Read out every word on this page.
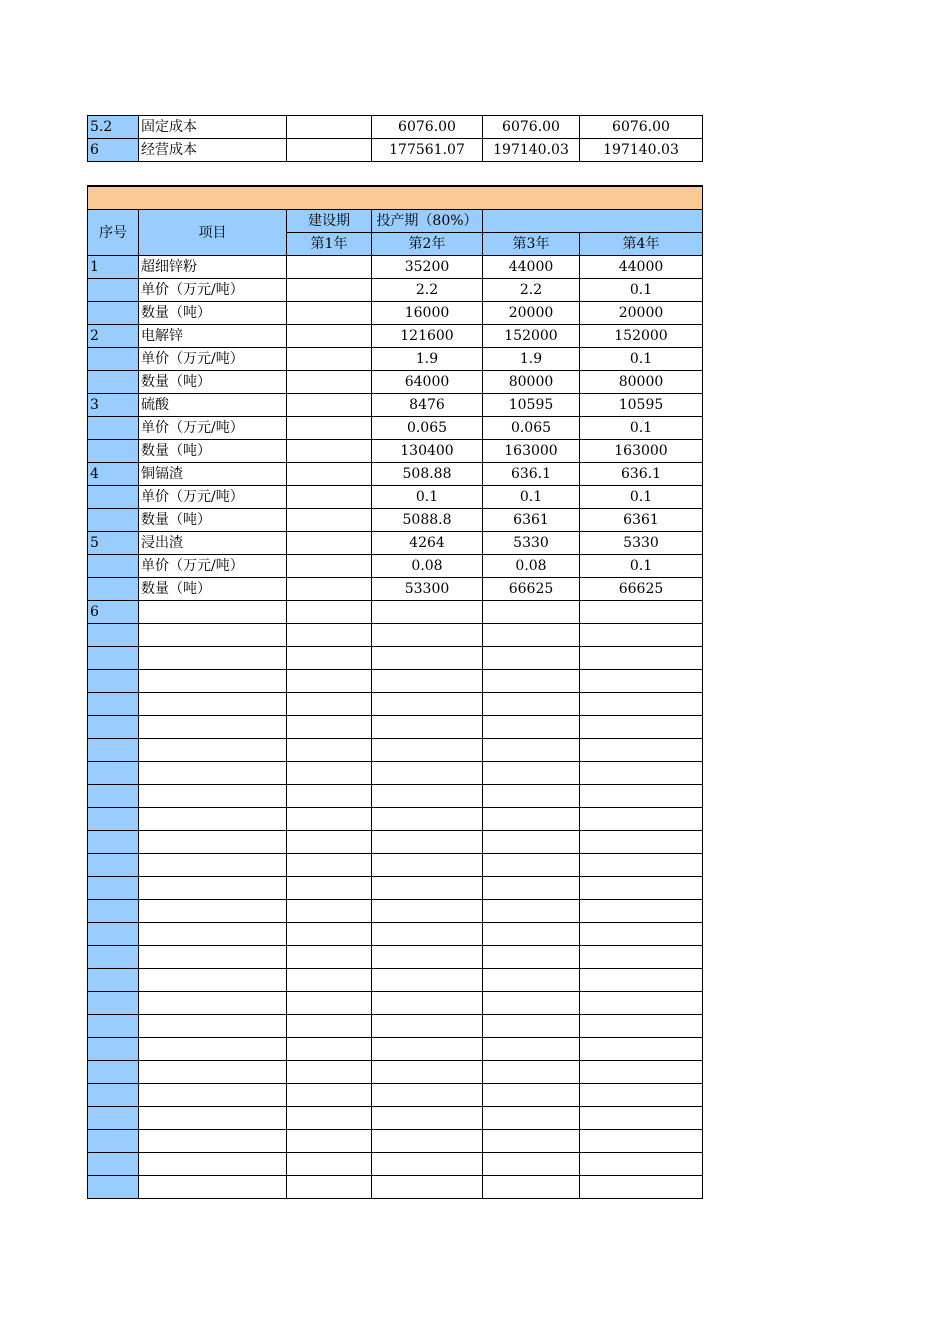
5.2	固定成本		6076.00	6076.00	6076.00
6	经营成本		177561.07	197140.03	197140.03

序号	项目	建设期	投产期（80%）		
		第1年	第2年	第3年	第4年
1	超细锌粉		35200	44000	44000
	单价（万元/吨）		2.2	2.2	0.1
	数量（吨）		16000	20000	20000
2	电解锌		121600	152000	152000
	单价（万元/吨）		1.9	1.9	0.1
	数量（吨）		64000	80000	80000
3	硫酸		8476	10595	10595
	单价（万元/吨）		0.065	0.065	0.1
	数量（吨）		130400	163000	163000
4	铜镉渣		508.88	636.1	636.1
	单价（万元/吨）		0.1	0.1	0.1
	数量（吨）		5088.8	6361	6361
5	浸出渣		4264	5330	5330
	单价（万元/吨）		0.08	0.08	0.1
	数量（吨）		53300	66625	66625
6					
